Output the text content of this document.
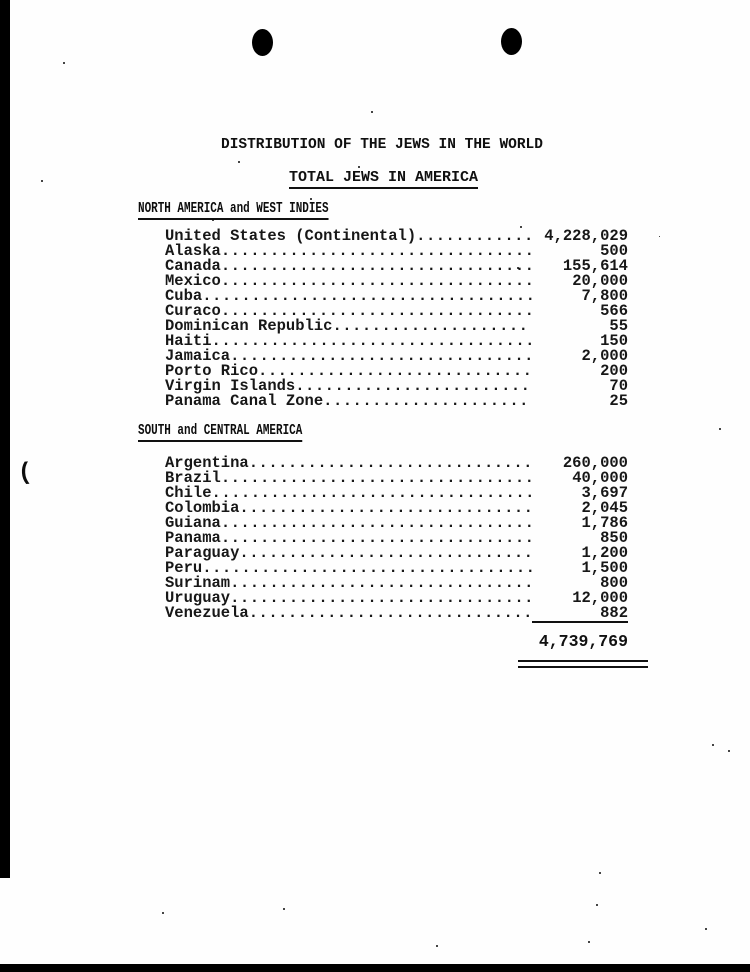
(
DISTRIBUTION OF THE JEWS IN THE WORLD
TOTAL JEWS IN AMERICA
NORTH AMERICA and WEST INDIES
United States (Continental) .....	4,228,029
Alaska .....	500
Canada .....	155,614
Mexico .....	20,000
Cuba .....	7,800
Curaco .....	566
Dominican Republic .....	55
Haiti .....	150
Jamaica .....	2,000
Porto Rico .....	200
Virgin Islands .....	70
Panama Canal Zone .....	25
SOUTH and CENTRAL AMERICA
Argentina .....	260,000
Brazil .....	40,000
Chile .....	3,697
Colombia .....	2,045
Guiana .....	1,786
Panama .....	850
Paraguay .....	1,200
Peru .....	1,500
Surinam .....	800
Uruguay .....	12,000
Venezuela .....	882
4,739,769
